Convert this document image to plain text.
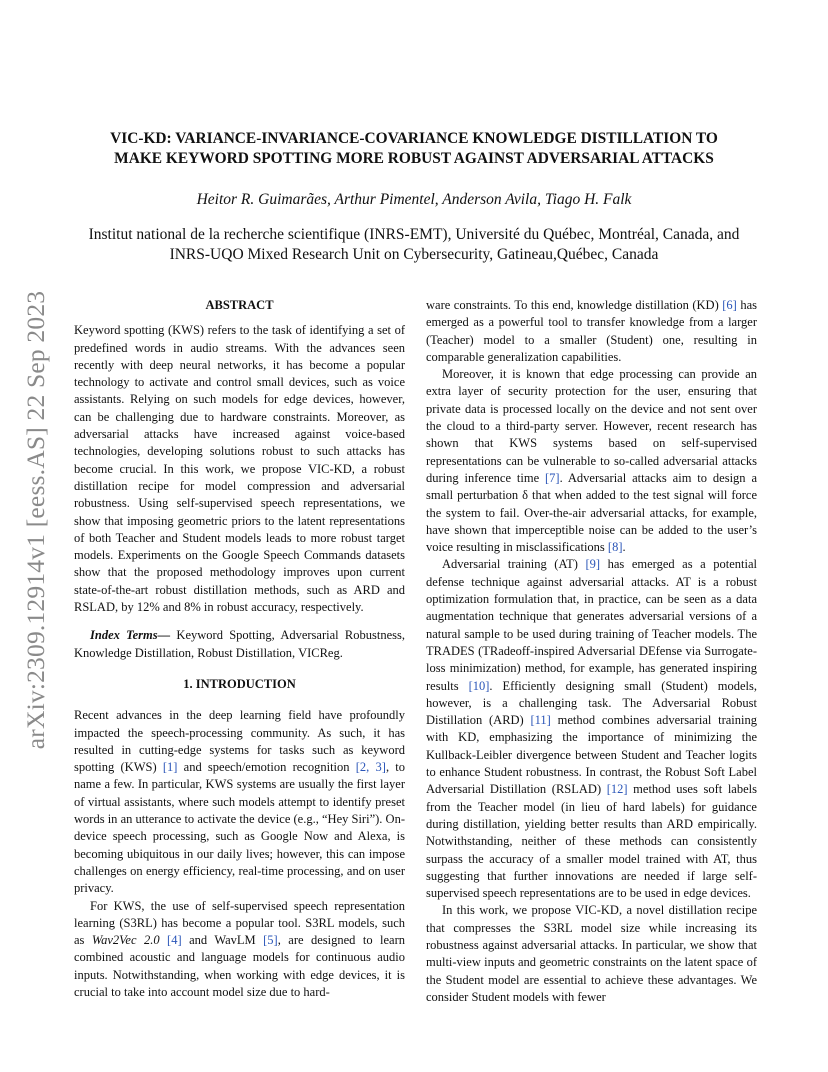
arXiv:2309.12914v1 [eess.AS] 22 Sep 2023
VIC-KD: VARIANCE-INVARIANCE-COVARIANCE KNOWLEDGE DISTILLATION TO
MAKE KEYWORD SPOTTING MORE ROBUST AGAINST ADVERSARIAL ATTACKS
Heitor R. Guimarães, Arthur Pimentel, Anderson Avila, Tiago H. Falk
Institut national de la recherche scientifique (INRS-EMT), Université du Québec, Montréal, Canada, and
INRS-UQO Mixed Research Unit on Cybersecurity, Gatineau,Québec, Canada
ABSTRACT

Keyword spotting (KWS) refers to the task of identifying a set of predefined words in audio streams. With the advances seen recently with deep neural networks, it has become a popular technology to activate and control small devices, such as voice assistants. Relying on such models for edge devices, however, can be challenging due to hardware constraints. Moreover, as adversarial attacks have increased against voice-based technologies, developing solutions robust to such attacks has become crucial. In this work, we propose VIC-KD, a robust distillation recipe for model compression and adversarial robustness. Using self-supervised speech representations, we show that imposing geometric priors to the latent representations of both Teacher and Student models leads to more robust target models. Experiments on the Google Speech Commands datasets show that the proposed methodology improves upon current state-of-the-art robust distillation methods, such as ARD and RSLAD, by 12% and 8% in robust accuracy, respectively.

Index Terms— Keyword Spotting, Adversarial Robustness, Knowledge Distillation, Robust Distillation, VICReg.

1. INTRODUCTION

Recent advances in the deep learning field have profoundly impacted the speech-processing community. As such, it has resulted in cutting-edge systems for tasks such as keyword spotting (KWS) [1] and speech/emotion recognition [2, 3], to name a few. In particular, KWS systems are usually the first layer of virtual assistants, where such models attempt to identify preset words in an utterance to activate the device (e.g., “Hey Siri”). On-device speech processing, such as Google Now and Alexa, is becoming ubiquitous in our daily lives; however, this can impose challenges on energy efficiency, real-time processing, and on user privacy.

For KWS, the use of self-supervised speech representation learning (S3RL) has become a popular tool. S3RL models, such as Wav2Vec 2.0 [4] and WavLM [5], are designed to learn combined acoustic and language models for continuous audio inputs. Notwithstanding, when working with edge devices, it is crucial to take into account model size due to hard-

ware constraints. To this end, knowledge distillation (KD) [6] has emerged as a powerful tool to transfer knowledge from a larger (Teacher) model to a smaller (Student) one, resulting in comparable generalization capabilities.

Moreover, it is known that edge processing can provide an extra layer of security protection for the user, ensuring that private data is processed locally on the device and not sent over the cloud to a third-party server. However, recent research has shown that KWS systems based on self-supervised representations can be vulnerable to so-called adversarial attacks during inference time [7]. Adversarial attacks aim to design a small perturbation δ that when added to the test signal will force the system to fail. Over-the-air adversarial attacks, for example, have shown that imperceptible noise can be added to the user’s voice resulting in misclassifications [8].

Adversarial training (AT) [9] has emerged as a potential defense technique against adversarial attacks. AT is a robust optimization formulation that, in practice, can be seen as a data augmentation technique that generates adversarial versions of a natural sample to be used during training of Teacher models. The TRADES (TRadeoff-inspired Adversarial DEfense via Surrogate-loss minimization) method, for example, has generated inspiring results [10]. Efficiently designing small (Student) models, however, is a challenging task. The Adversarial Robust Distillation (ARD) [11] method combines adversarial training with KD, emphasizing the importance of minimizing the Kullback-Leibler divergence between Student and Teacher logits to enhance Student robustness. In contrast, the Robust Soft Label Adversarial Distillation (RSLAD) [12] method uses soft labels from the Teacher model (in lieu of hard labels) for guidance during distillation, yielding better results than ARD empirically. Notwithstanding, neither of these methods can consistently surpass the accuracy of a smaller model trained with AT, thus suggesting that further innovations are needed if large self-supervised speech representations are to be used in edge devices.

In this work, we propose VIC-KD, a novel distillation recipe that compresses the S3RL model size while increasing its robustness against adversarial attacks. In particular, we show that multi-view inputs and geometric constraints on the latent space of the Student model are essential to achieve these advantages. We consider Student models with fewer
